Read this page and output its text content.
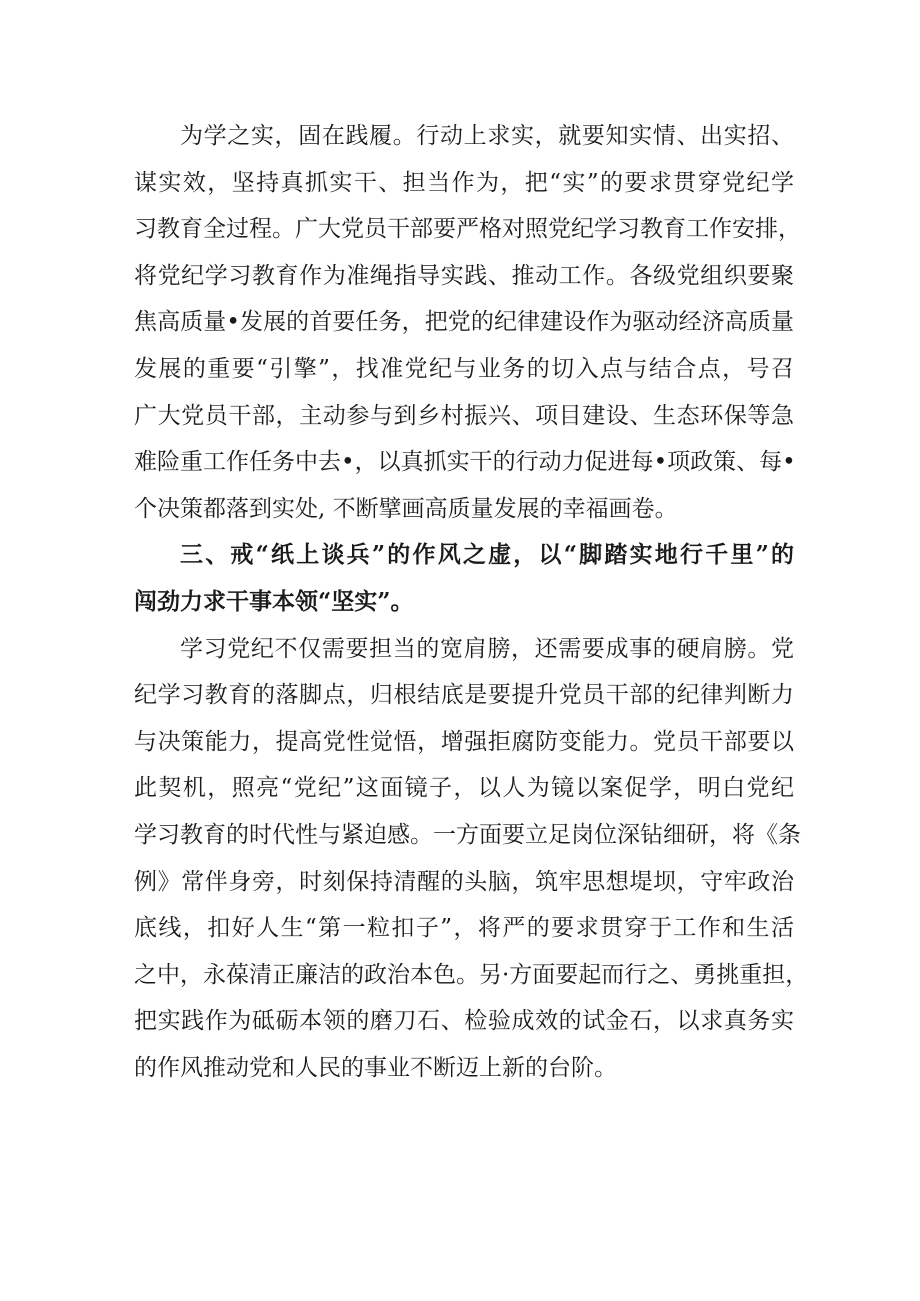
为学之实，固在践履。行动上求实，就要知实情、出实招、
谋实效，坚持真抓实干、担当作为，把“实”的要求贯穿党纪学
习教育全过程。广大党员干部要严格对照党纪学习教育工作安排，
将党纪学习教育作为准绳指导实践、推动工作。各级党组织要聚
焦高质量•发展的首要任务，把党的纪律建设作为驱动经济高质量
发展的重要“引擎”，找准党纪与业务的切入点与结合点，号召
广大党员干部，主动参与到乡村振兴、项目建设、生态环保等急
难险重工作任务中去•，以真抓实干的行动力促进每•项政策、每•
个决策都落到实处, 不断擘画高质量发展的幸福画卷。
三、戒“纸上谈兵”的作风之虚，以“脚踏实地行千里”的
闯劲力求干事本领“坚实”。
学习党纪不仅需要担当的宽肩膀，还需要成事的硬肩膀。党
纪学习教育的落脚点，归根结底是要提升党员干部的纪律判断力
与决策能力，提高党性觉悟，增强拒腐防变能力。党员干部要以
此契机，照亮“党纪”这面镜子，以人为镜以案促学，明白党纪
学习教育的时代性与紧迫感。一方面要立足岗位深钻细研，将《条
例》常伴身旁，时刻保持清醒的头脑，筑牢思想堤坝，守牢政治
底线，扣好人生“第一粒扣子”，将严的要求贯穿于工作和生活
之中，永葆清正廉洁的政治本色。另·方面要起而行之、勇挑重担，
把实践作为砥砺本领的磨刀石、检验成效的试金石，以求真务实
的作风推动党和人民的事业不断迈上新的台阶。
